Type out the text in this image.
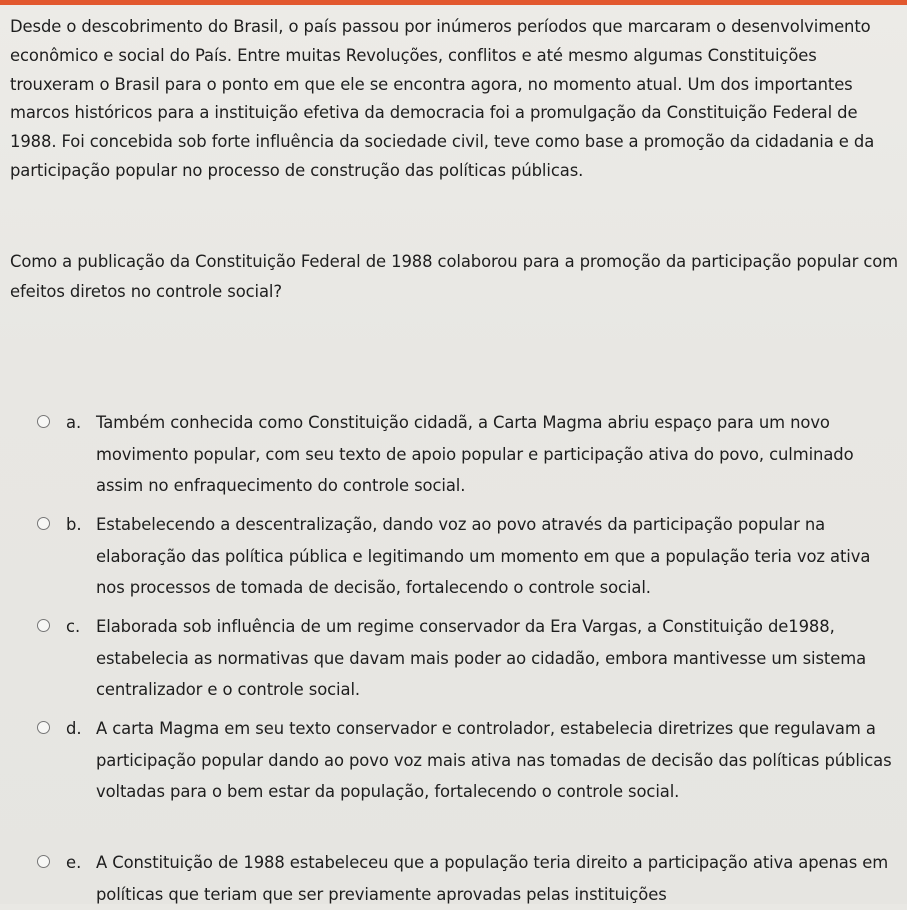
Desde o descobrimento do Brasil, o país passou por inúmeros períodos que marcaram o desenvolvimento econômico e social do País. Entre muitas Revoluções, conflitos e até mesmo algumas Constituições trouxeram o Brasil para o ponto em que ele se encontra agora, no momento atual. Um dos importantes marcos históricos para a instituição efetiva da democracia foi a promulgação da Constituição Federal de 1988. Foi concebida sob forte influência da sociedade civil, teve como base a promoção da cidadania e da participação popular no processo de construção das políticas públicas.

Como a publicação da Constituição Federal de 1988 colaborou para a promoção da participação popular com efeitos diretos no controle social?

a. Também conhecida como Constituição cidadã, a Carta Magma abriu espaço para um novo movimento popular, com seu texto de apoio popular e participação ativa do povo, culminado assim no enfraquecimento do controle social.
b. Estabelecendo a descentralização, dando voz ao povo através da participação popular na elaboração das política pública e legitimando um momento em que a população teria voz ativa nos processos de tomada de decisão, fortalecendo o controle social.
c. Elaborada sob influência de um regime conservador da Era Vargas, a Constituição de1988, estabelecia as normativas que davam mais poder ao cidadão, embora mantivesse um sistema centralizador e o controle social.
d. A carta Magma em seu texto conservador e controlador, estabelecia diretrizes que regulavam a participação popular dando ao povo voz mais ativa nas tomadas de decisão das políticas públicas voltadas para o bem estar da população, fortalecendo o controle social.
e. A Constituição de 1988 estabeleceu que a população teria direito a participação ativa apenas em políticas que teriam que ser previamente aprovadas pelas instituições
